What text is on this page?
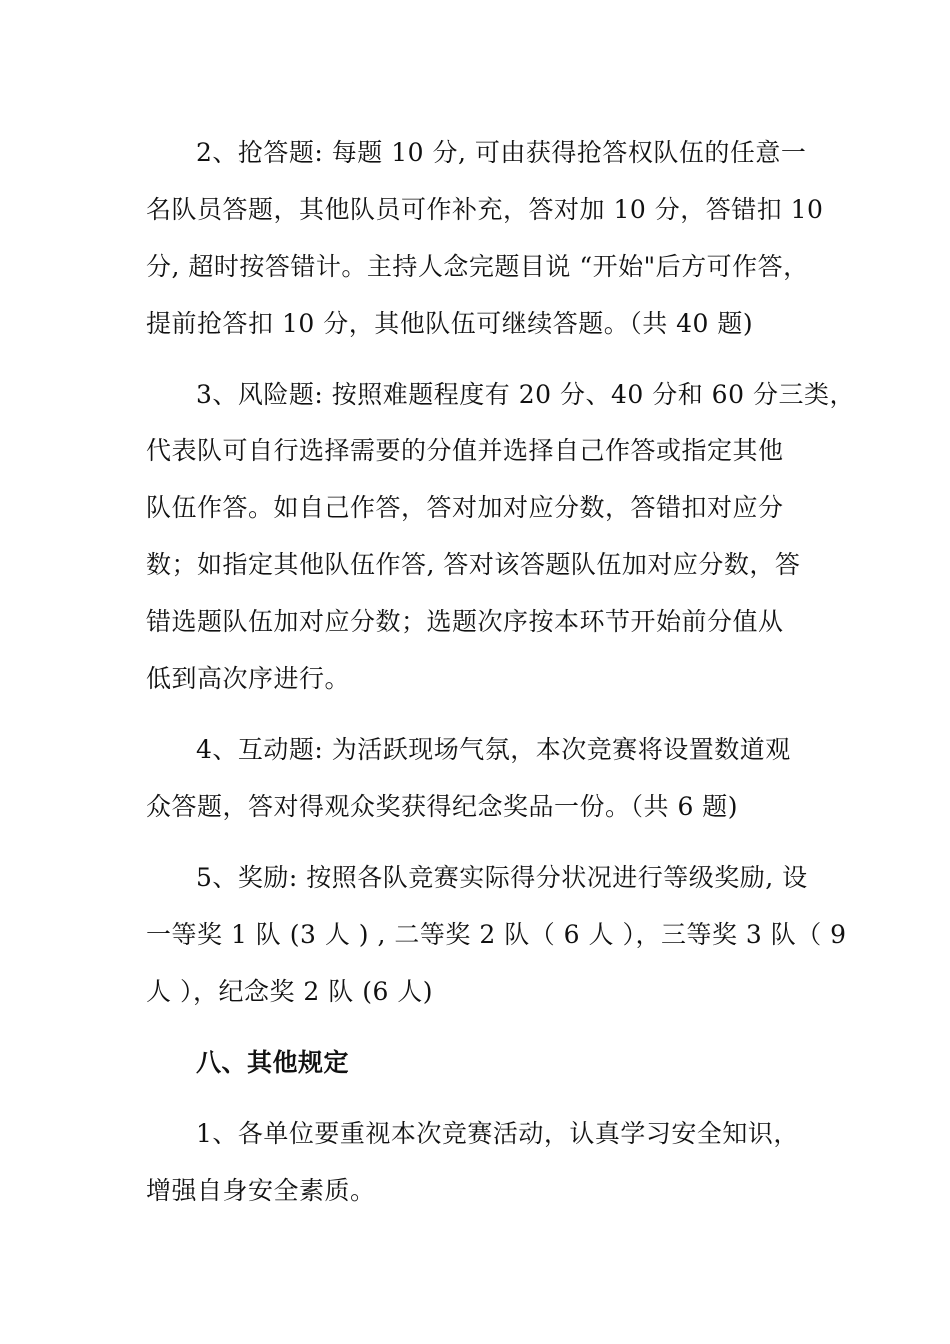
2、抢答题: 每题 10 分, 可由获得抢答权队伍的任意一
名队员答题，其他队员可作补充，答对加 10 分，答错扣 10
分, 超时按答错计。主持人念完题目说 “开始"后方可作答，
提前抢答扣 10 分，其他队伍可继续答题。（共 40 题)
3、风险题: 按照难题程度有 20 分、40 分和 60 分三类，
代表队可自行选择需要的分值并选择自己作答或指定其他
队伍作答。如自己作答，答对加对应分数，答错扣对应分
数；如指定其他队伍作答, 答对该答题队伍加对应分数，答
错选题队伍加对应分数；选题次序按本环节开始前分值从
低到高次序进行。
4、互动题: 为活跃现场气氛，本次竞赛将设置数道观
众答题，答对得观众奖获得纪念奖品一份。（共 6 题)
5、奖励: 按照各队竞赛实际得分状况进行等级奖励, 设
一等奖 1 队 (3 人 ) , 二等奖 2 队（ 6 人 ），三等奖 3 队（ 9
人 ），纪念奖 2 队 (6 人)
八、其他规定
1、各单位要重视本次竞赛活动，认真学习安全知识，
增强自身安全素质。
